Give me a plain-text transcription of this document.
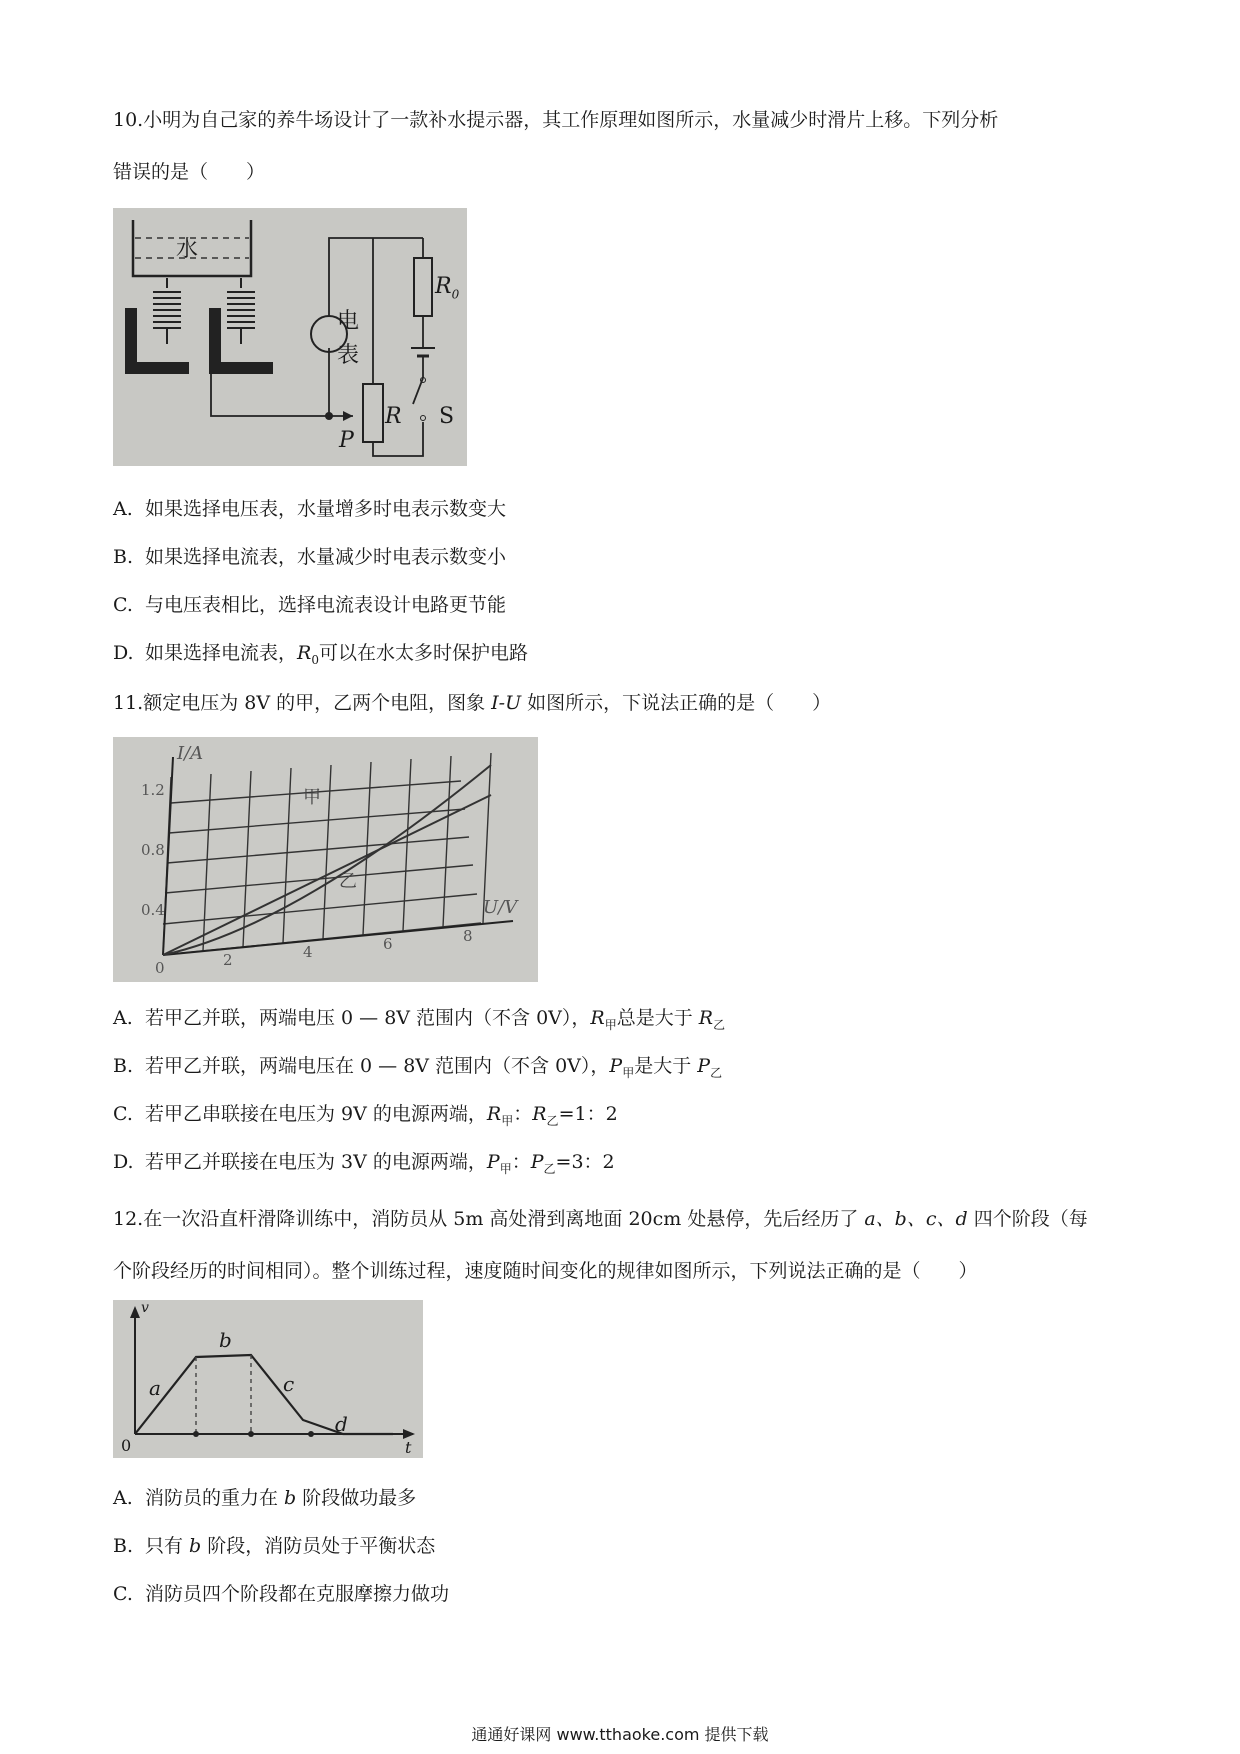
10.小明为自己家的养牛场设计了一款补水提示器，其工作原理如图所示，水量减少时滑片上移。下列分析
错误的是（　　）
水
电
表
$R_0$
R S
P
A. 如果选择电压表，水量增多时电表示数变大
B. 如果选择电流表，水量减少时电表示数变小
C. 与电压表相比，选择电流表设计电路更节能
D. 如果选择电流表，$R_0$可以在水太多时保护电路
11.额定电压为 8V 的甲，乙两个电阻，图象 I-U 如图所示，下说法正确的是（　　）
I/A
U/V
1.2
0.8
0.4
0	2	4	6	8
甲
乙
A. 若甲乙并联，两端电压 0 — 8V 范围内（不含 0V），$R_甲$总是大于 $R_乙$
B. 若甲乙并联，两端电压在 0 — 8V 范围内（不含 0V），$P_甲$是大于 $P_乙$
C. 若甲乙串联接在电压为 9V 的电源两端，$R_甲$：$R_乙=1$：2
D. 若甲乙并联接在电压为 3V 的电源两端，$P_甲$：$P_乙=3$：2
12.在一次沿直杆滑降训练中，消防员从 5m 高处滑到离地面 20cm 处悬停，先后经历了 a、b、c、d 四个阶段（每
个阶段经历的时间相同）。整个训练过程，速度随时间变化的规律如图所示，下列说法正确的是（　　）
v
t
0
a
b
c
d
A. 消防员的重力在 b 阶段做功最多
B. 只有 b 阶段，消防员处于平衡状态
C. 消防员四个阶段都在克服摩擦力做功
通通好课网 www.tthaoke.com 提供下载
